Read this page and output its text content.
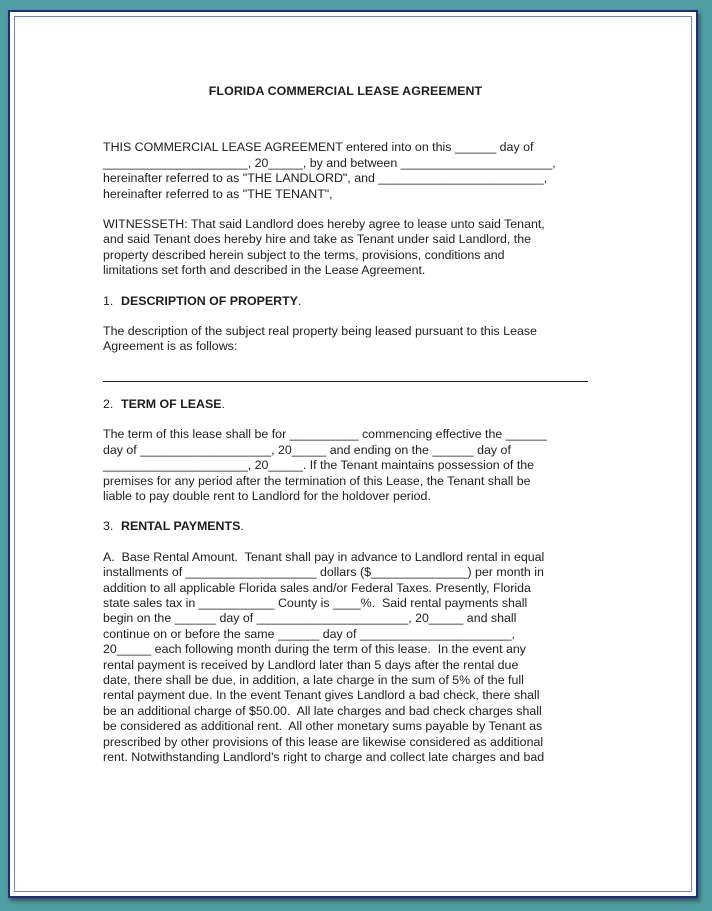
FLORIDA COMMERCIAL LEASE AGREEMENT
THIS COMMERCIAL LEASE AGREEMENT entered into on this ______ day of
_____________________, 20_____, by and between ______________________,
hereinafter referred to as "THE LANDLORD", and ________________________,
hereinafter referred to as "THE TENANT",
WITNESSETH: That said Landlord does hereby agree to lease unto said Tenant,
and said Tenant does hereby hire and take as Tenant under said Landlord, the
property described herein subject to the terms, provisions, conditions and
limitations set forth and described in the Lease Agreement.
1. DESCRIPTION OF PROPERTY.
The description of the subject real property being leased pursuant to this Lease
Agreement is as follows:
2. TERM OF LEASE.
The term of this lease shall be for __________ commencing effective the ______
day of ___________________, 20_____ and ending on the ______ day of
_____________________, 20_____. If the Tenant maintains possession of the
premises for any period after the termination of this Lease, the Tenant shall be
liable to pay double rent to Landlord for the holdover period.
3. RENTAL PAYMENTS.
A.  Base Rental Amount.  Tenant shall pay in advance to Landlord rental in equal
installments of ___________________ dollars ($______________) per month in
addition to all applicable Florida sales and/or Federal Taxes. Presently, Florida
state sales tax in ___________ County is ____%.  Said rental payments shall
begin on the ______ day of ______________________, 20_____ and shall
continue on or before the same ______ day of ______________________,
20_____ each following month during the term of this lease.  In the event any
rental payment is received by Landlord later than 5 days after the rental due
date, there shall be due, in addition, a late charge in the sum of 5% of the full
rental payment due. In the event Tenant gives Landlord a bad check, there shall
be an additional charge of $50.00.  All late charges and bad check charges shall
be considered as additional rent.  All other monetary sums payable by Tenant as
prescribed by other provisions of this lease are likewise considered as additional
rent. Notwithstanding Landlord's right to charge and collect late charges and bad
